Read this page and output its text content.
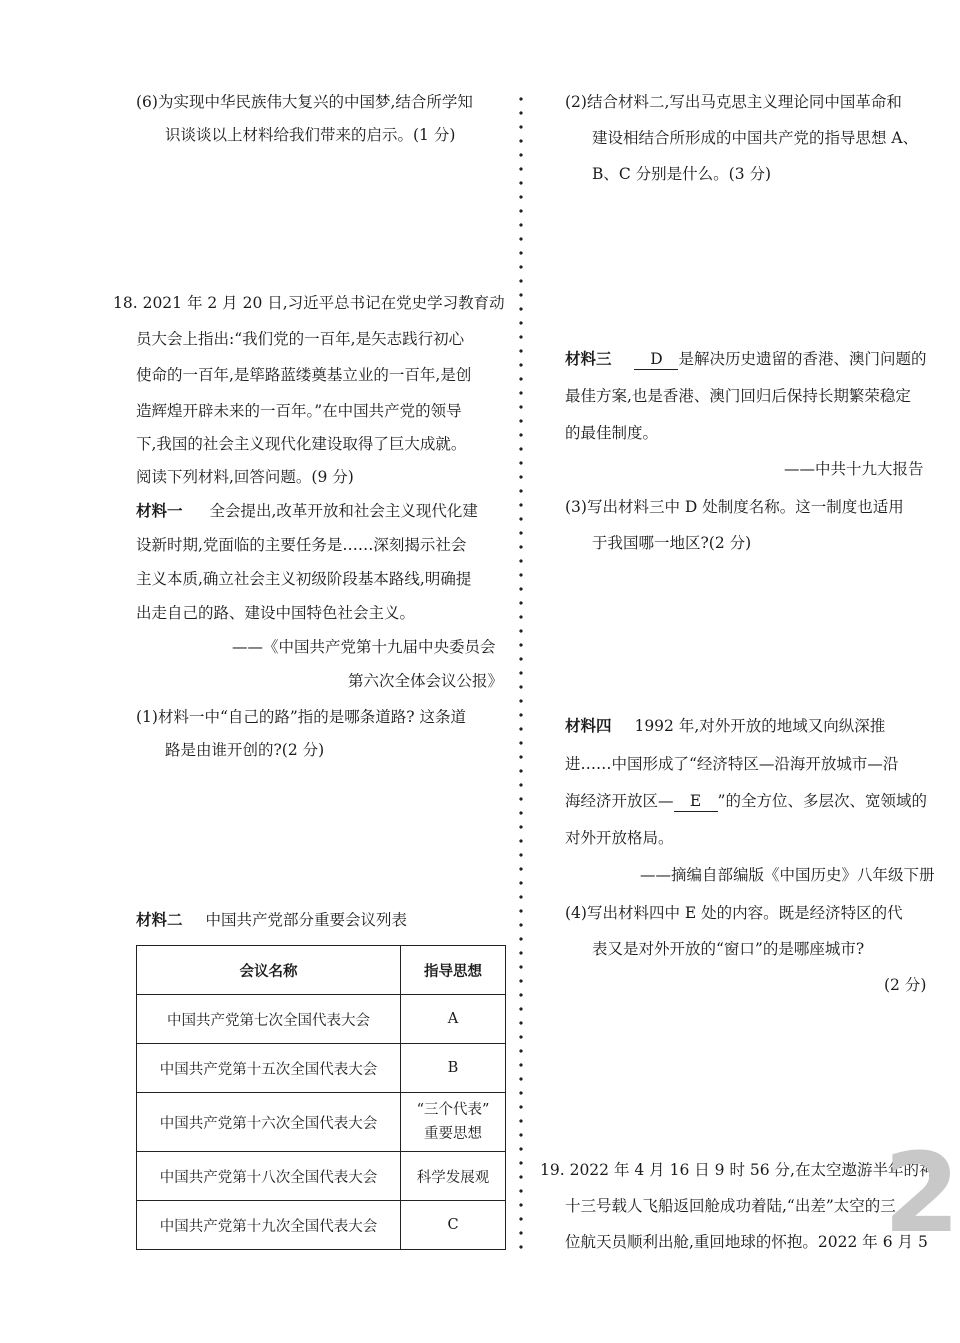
(6)为实现中华民族伟大复兴的中国梦,结合所学知
识谈谈以上材料给我们带来的启示。(1 分)
18. 2021 年 2 月 20 日,习近平总书记在党史学习教育动
员大会上指出:“我们党的一百年,是矢志践行初心
使命的一百年,是筚路蓝缕奠基立业的一百年,是创
造辉煌开辟未来的一百年。”在中国共产党的领导
下,我国的社会主义现代化建设取得了巨大成就。
阅读下列材料,回答问题。(9 分)
材料一 全会提出,改革开放和社会主义现代化建
设新时期,党面临的主要任务是……深刻揭示社会
主义本质,确立社会主义初级阶段基本路线,明确提
出走自己的路、建设中国特色社会主义。
——《中国共产党第十九届中央委员会
第六次全体会议公报》
(1)材料一中“自己的路”指的是哪条道路? 这条道
路是由谁开创的?(2 分)
材料二 中国共产党部分重要会议列表
会议名称	指导思想
中国共产党第七次全国代表大会	A
中国共产党第十五次全国代表大会	B
中国共产党第十六次全国代表大会	“三个代表”
重要思想

中国共产党第十八次全国代表大会	科学发展观
中国共产党第十九次全国代表大会	C
(2)结合材料二,写出马克思主义理论同中国革命和
建设相结合所形成的中国共产党的指导思想 A、
B、C 分别是什么。(3 分)
材料三 D 是解决历史遗留的香港、澳门问题的
最佳方案,也是香港、澳门回归后保持长期繁荣稳定
的最佳制度。
——中共十九大报告
(3)写出材料三中 D 处制度名称。这一制度也适用
于我国哪一地区?(2 分)
材料四 1992 年,对外开放的地域又向纵深推
进……中国形成了“经济特区—沿海开放城市—沿
海经济开放区— E ”的全方位、多层次、宽领域的
对外开放格局。
——摘编自部编版《中国历史》八年级下册
(4)写出材料四中 E 处的内容。既是经济特区的代
表又是对外开放的“窗口”的是哪座城市?
(2 分)
19. 2022 年 4 月 16 日 9 时 56 分,在太空遨游半年的神舟
十三号载人飞船返回舱成功着陆,“出差”太空的三
位航天员顺利出舱,重回地球的怀抱。2022 年 6 月 5
2
